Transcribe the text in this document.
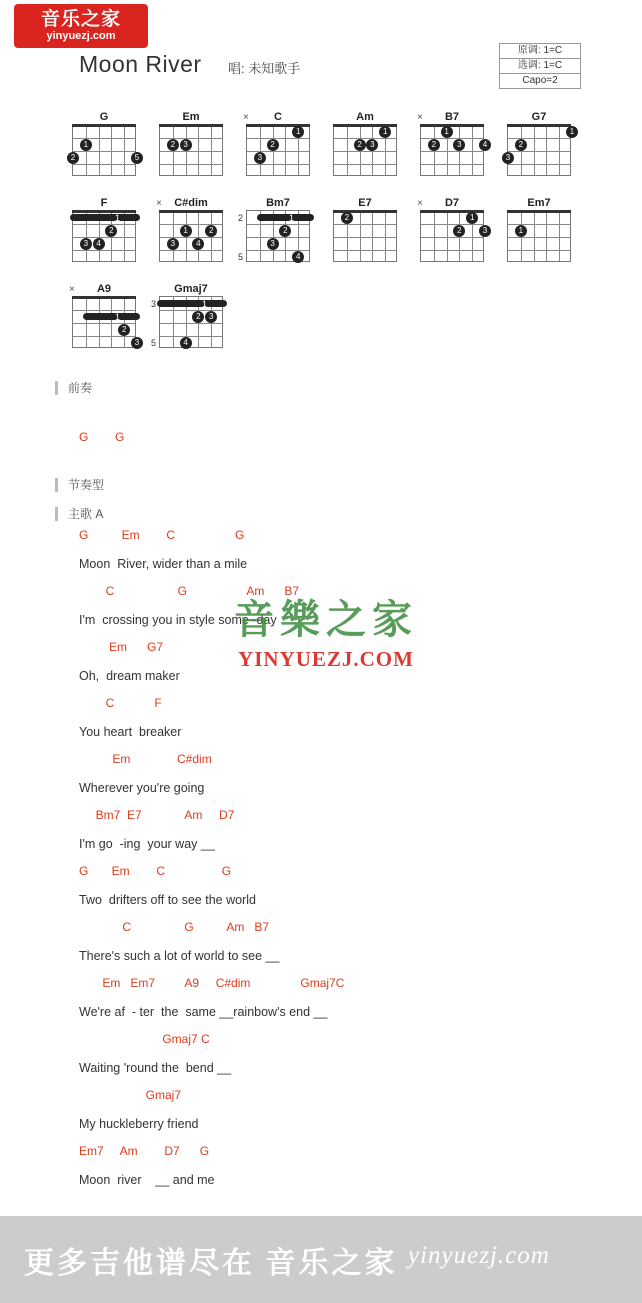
音乐之家
yinyuezj.com
Moon River 唱: 未知歌手
原调: 1=C
选调: 1=C
Capo=2
G
1
5
2
Em
2	3
C
1
2
3
×	Am
1
2	3
B7
1
2	3	4
×	G7
1
2
3
F
1
2
3	4
C#dim
1	2
3	4
×	Bm7
1
2
3
4
2
5
E7
2
D7
2	3
1
×	Em7
1
A9
1
2
3
×	Gmaj7
1
2	3
4
3
5
前奏
节奏型
主歌 A
G        G
G          Em        C                  G
Moon  River, wider than a mile
C                   G                  Am      B7
I'm  crossing you in style some -day
Em      G7
Oh,  dream maker
C            F
You heart  breaker
Em              C#dim
Wherever you're going
Bm7  E7             Am     D7
I'm go  -ing  your way __
G       Em        C                 G
Two  drifters off to see the world
C                G          Am   B7
There's such a lot of world to see __
Em   Em7         A9     C#dim               Gmaj7C
We're af  - ter  the  same __rainbow's end __
Gmaj7 C
Waiting 'round the  bend __
Gmaj7
My huckleberry friend
Em7     Am        D7      G
Moon  river    __ and me
音樂之家
YINYUEZJ.COM
更多吉他谱尽在 音乐之家 yinyuezj.com
